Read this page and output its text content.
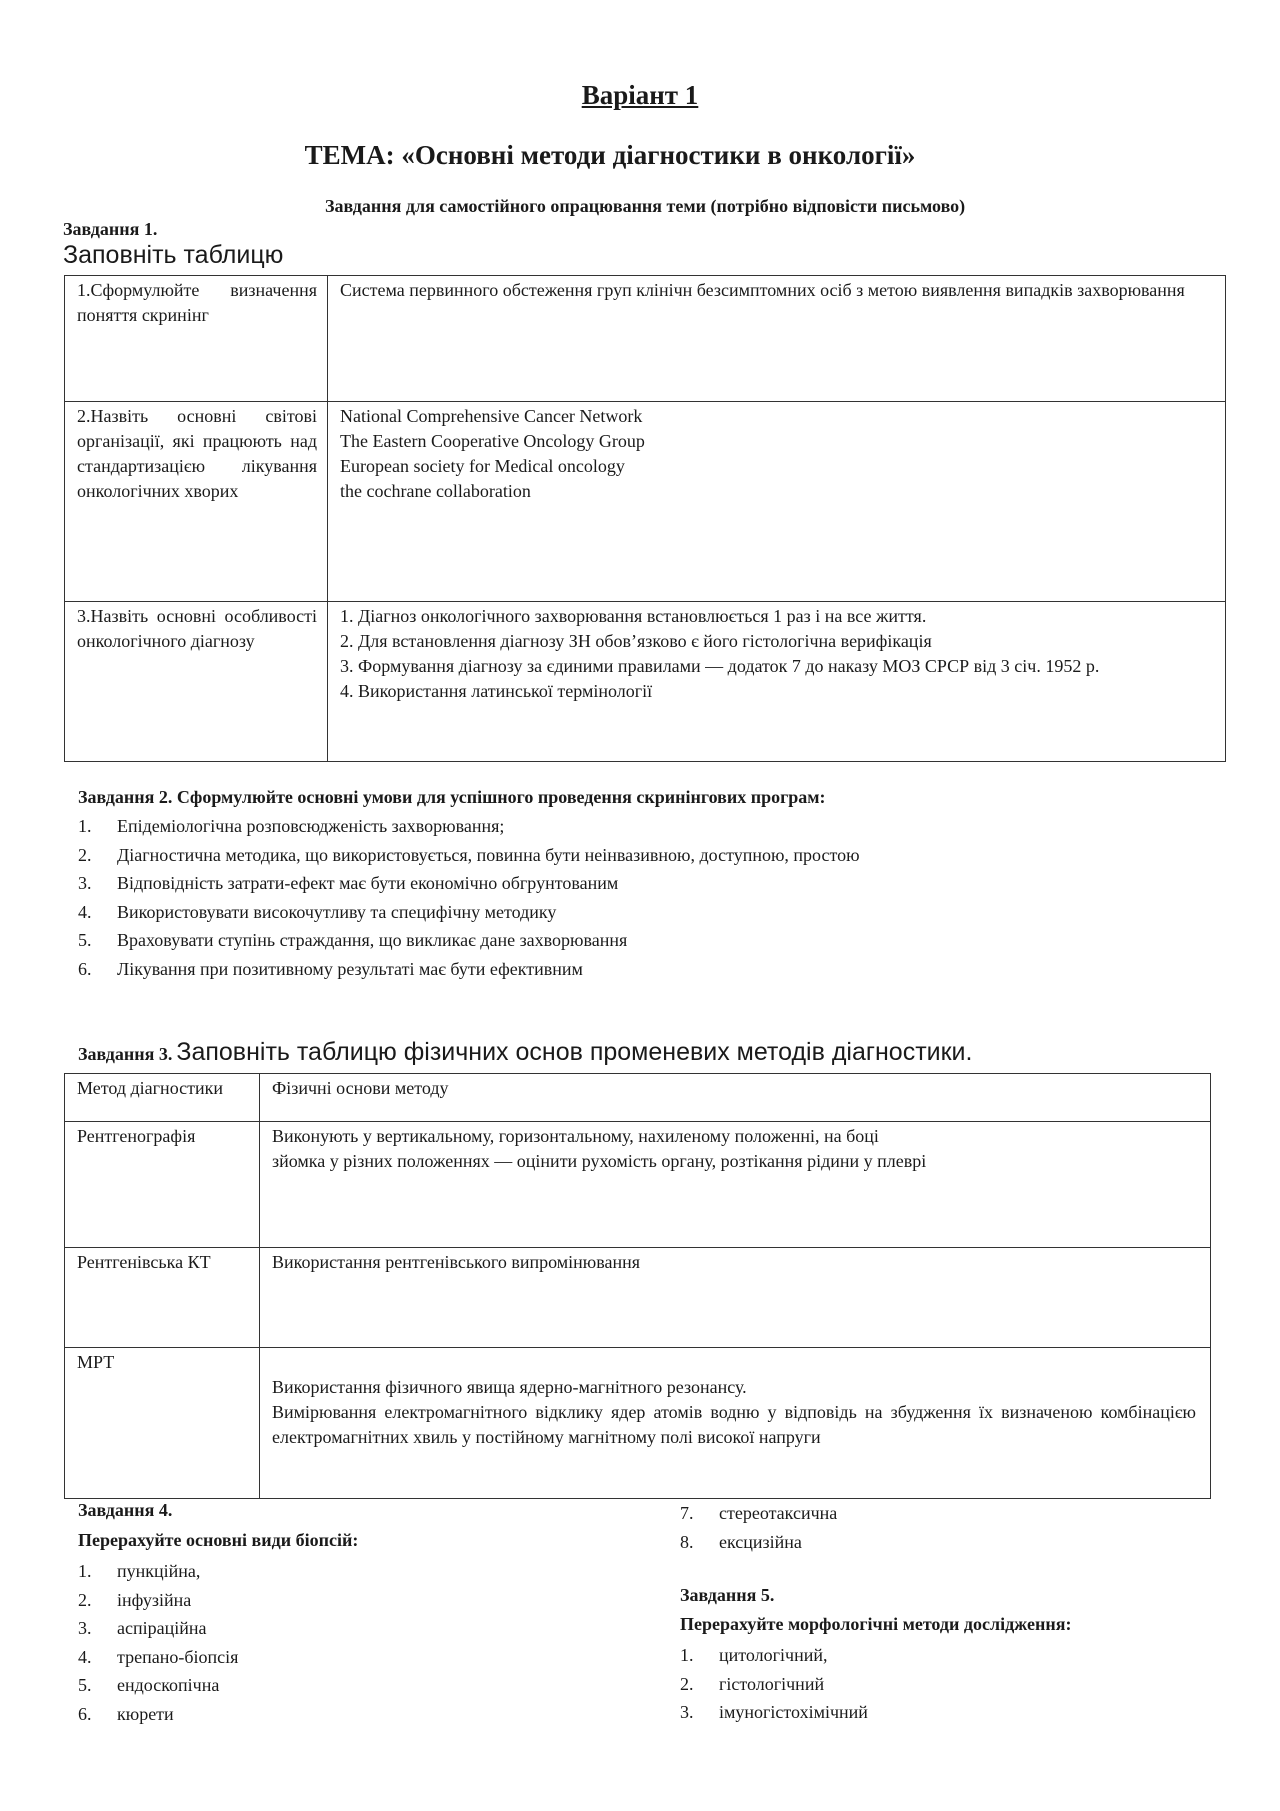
Варіант 1
ТЕМА: «Основні методи діагностики в онкології»
Завдання для самостійного опрацювання теми (потрібно відповісти письмово)
Завдання 1.
Заповніть таблицю
1.Сформулюйте визначення поняття скринінг	Система первинного обстеження груп клінічн безсимптомних осіб з метою виявлення випадків захворювання

2.Назвіть основні світові організації, які працюють над стандартизацією лікування онкологічних хворих	National Comprehensive Cancer Network
The Eastern Cooperative Oncology Group
European society for Medical oncology
the cochrane collaboration

3.Назвіть основні особливості онкологічного діагнозу	1. Діагноз онкологічного захворювання встановлюється 1 раз і на все життя.
2. Для встановлення діагнозу ЗН обов’язково є його гістологічна верифікація
3. Формування діагнозу за єдиними правилами — додаток 7 до наказу МОЗ СРСР від 3 січ. 1952 р.
4. Використання латинської термінології
Завдання 2. Сформулюйте основні умови для успішного проведення скринінгових програм:
1. Епідеміологічна розповсюдженість захворювання;
2. Діагностична методика, що використовується, повинна бути неінвазивною, доступною, простою
3. Відповідність затрати-ефект має бути економічно обгрунтованим
4. Використовувати високочутливу та специфічну методику
5. Враховувати ступінь страждання, що викликає дане захворювання
6. Лікування при позитивному результаті має бути ефективним
Завдання 3. Заповніть таблицю фізичних основ променевих методів діагностики.
Метод діагностики	Фізичні основи методу
Рентгенографія	Виконують у вертикальному, горизонтальному, нахиленому положенні, на боці
зйомка у різних положеннях — оцінити рухомість органу, розтікання рідини у плеврі

Рентгенівська КТ	Використання рентгенівського випромінювання

МРТ	Використання фізичного явища ядерно-магнітного резонансу.
Вимірювання електромагнітного відклику ядер атомів водню у відповідь на збудження їх визначеною комбінацією електромагнітних хвиль у постійному магнітному полі високої напруги
Завдання 4.
Перерахуйте основні види біопсій:
1. пункційна,
2. інфузійна
3. аспіраційна
4. трепано-біопсія
5. ендоскопічна
6. кюрети
7. стереотаксична
8. ексцизійна
Завдання 5.
Перерахуйте морфологічні методи дослідження:
1. цитологічний,
2. гістологічний
3. імуногістохімічний
